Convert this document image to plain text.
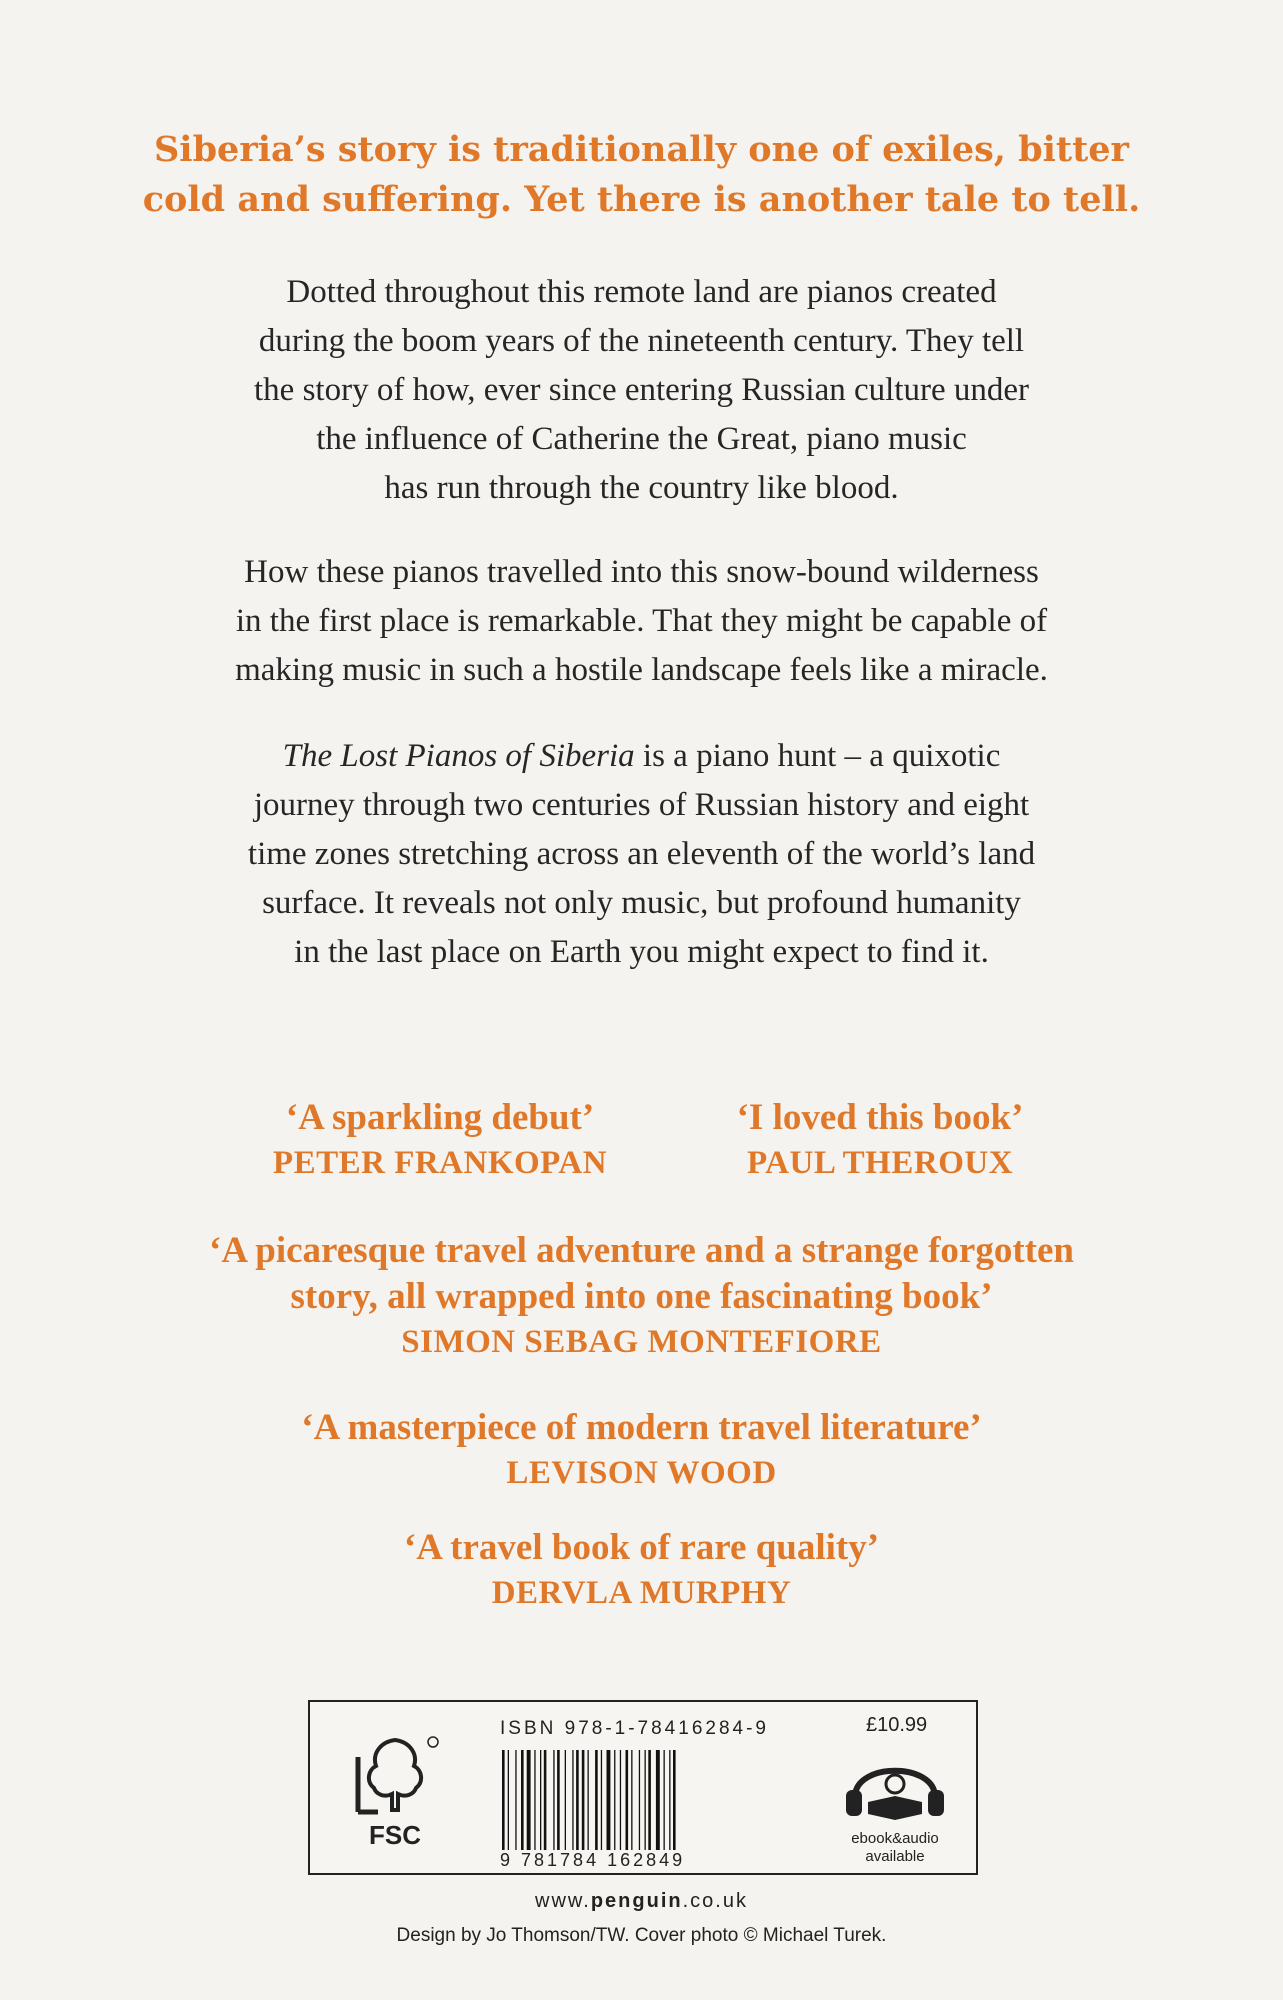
Siberia’s story is traditionally one of exiles, bitter
cold and suffering. Yet there is another tale to tell.
Dotted throughout this remote land are pianos created
during the boom years of the nineteenth century. They tell
the story of how, ever since entering Russian culture under
the influence of Catherine the Great, piano music
has run through the country like blood.
How these pianos travelled into this snow-bound wilderness
in the first place is remarkable. That they might be capable of
making music in such a hostile landscape feels like a miracle.
The Lost Pianos of Siberia is a piano hunt – a quixotic
journey through two centuries of Russian history and eight
time zones stretching across an eleventh of the world’s land
surface. It reveals not only music, but profound humanity
in the last place on Earth you might expect to find it.
‘A sparkling debut’
PETER FRANKOPAN
‘I loved this book’
PAUL THEROUX
‘A picaresque travel adventure and a strange forgotten
story, all wrapped into one fascinating book’
SIMON SEBAG MONTEFIORE
‘A masterpiece of modern travel literature’
LEVISON WOOD
‘A travel book of rare quality’
DERVLA MURPHY
FSC
ISBN 978-1-78416284-9
9 781784 162849
£10.99
ebook&audio
available
www.penguin.co.uk
Design by Jo Thomson/TW. Cover photo © Michael Turek.
